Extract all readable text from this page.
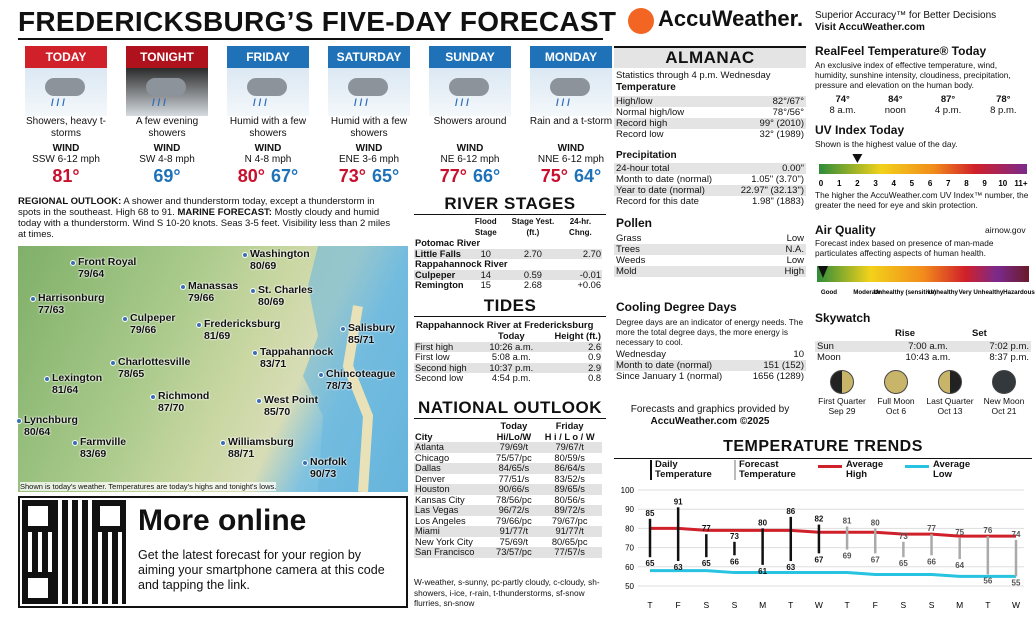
FREDERICKSBURG’S FIVE-DAY FORECAST AccuWeather. Superior Accuracy™ for Better Decisions
Visit AccuWeather.com
TODAY
/ / /
Showers, heavy t-storms
WIND
SSW 6-12 mph
81°
TONIGHT
/ / /
A few evening showers
WIND
SW 4-8 mph
69°
FRIDAY
/ / /
Humid with a few showers
WIND
N 4-8 mph
80° 67°
SATURDAY
/ / /
Humid with a few showers
WIND
ENE 3-6 mph
73° 65°
SUNDAY
/ / /
Showers around
WIND
NE 6-12 mph
77° 66°
MONDAY
/ / /
Rain and a t-storm
WIND
NNE 6-12 mph
75° 64°
REGIONAL OUTLOOK: A shower and thunderstorm today, except a thunderstorm in spots in the southeast. High 68 to 91. MARINE FORECAST: Mostly cloudy and humid today with a thunderstorm. Wind S 10-20 knots. Seas 3-5 feet. Visibility less than 2 miles at times.
Front Royal
79/64
Washington
80/69
Manassas
79/66
St. Charles
80/69
Harrisonburg
77/63
Culpeper
79/66	Fredericksburg
81/69
Salisbury
85/71
Tappahannock
83/71
Charlottesville
78/65
Lexington
81/64
Chincoteague
78/73
Richmond
87/70
West Point
85/70
Lynchburg
80/64
Farmville
83/69
Williamsburg
88/71
Norfolk
90/73
Shown is today's weather. Temperatures are today's highs and tonight's lows.
More online
Get the latest forecast for your region by aiming your smartphone camera at this code and tapping the link.
RIVER STAGES
	Flood Stage	Stage Yest. (ft.)	24-hr. Chng.
Potomac River			
Little Falls	10	2.70	2.70
Rappahannock River			
Culpeper	14	0.59	-0.01
Remington	15	2.68	+0.06
TIDES
Rappahannock River at Fredericksburg
	Today	Height (ft.)
First high	10:26 a.m.	2.6
First low	5:08 a.m.	0.9
Second high	10:37 p.m.	2.9
Second low	4:54 p.m.	0.8
NATIONAL OUTLOOK
	Today	Friday
City	Hi/Lo/W	H i / L o / W
Atlanta	79/69/t	79/67/t
Chicago	75/57/pc	80/59/s
Dallas	84/65/s	86/64/s
Denver	77/51/s	83/52/s
Houston	90/66/s	89/65/s
Kansas City	78/56/pc	80/56/s
Las Vegas	96/72/s	89/72/s
Los Angeles	79/66/pc	79/67/pc
Miami	91/77/t	91/77/t
New York City	75/69/t	80/65/pc
San Francisco	73/57/pc	77/57/s
W-weather, s-sunny, pc-partly cloudy, c-cloudy, sh-showers, i-ice, r-rain, t-thunderstorms, sf-snow flurries, sn-snow
ALMANAC
Statistics through 4 p.m. Wednesday
Temperature
High/low	82°/67°
Normal high/low	78°/56°
Record high	99° (2010)
Record low	32° (1989)
Precipitation
24-hour total	0.00"
Month to date (normal)	1.05" (3.70")
Year to date (normal)	22.97" (32.13")
Record for this date	1.98" (1883)
Pollen
Grass	Low
Trees	N.A.
Weeds	Low
Mold	High
Cooling Degree Days
Degree days are an indicator of energy needs. The more the total degree days, the more energy is necessary to cool.
Wednesday	10
Month to date (normal)	151 (152)
Since January 1 (normal)	1656 (1289)
Forecasts and graphics provided by
AccuWeather.com ©2025
RealFeel Temperature® Today
An exclusive index of effective temperature, wind, humidity, sunshine intensity, cloudiness, precipitation, pressure and elevation on the human body.
74°
8 a.m.
84°
noon
87°
4 p.m.
78°
8 p.m.
UV Index Today
Shown is the highest value of the day.
0 1 2 3 4 5 6 7 8 9 10 11+
The higher the AccuWeather.com UV Index™ number, the greater the need for eye and skin protection.
Air Quality	airnow.gov
Forecast index based on presence of man-made particulates affecting aspects of human health.
Good	Moderate
Unhealthy (sensitive)
Unhealthy Very Unhealthy Hazardous
Skywatch
Rise	Set
Sun	7:00 a.m.	7:02 p.m.
Moon	10:43 a.m.	8:37 p.m.
First Quarter
Sep 29
Full Moon
Oct 6
Last Quarter
Oct 13
New Moon
Oct 21
TEMPERATURE TRENDS
Daily Temperature
Forecast Temperature
Average High
Average Low
50
60
70
80
90
100
85
65
T
91
63
F
77
65
S
73
66
S
80
61
M
86
63
T
82
67
W
81
69
T
80
67
F
73
65
S
77
66
S
75
64
M
76
56
T
74
55
W
